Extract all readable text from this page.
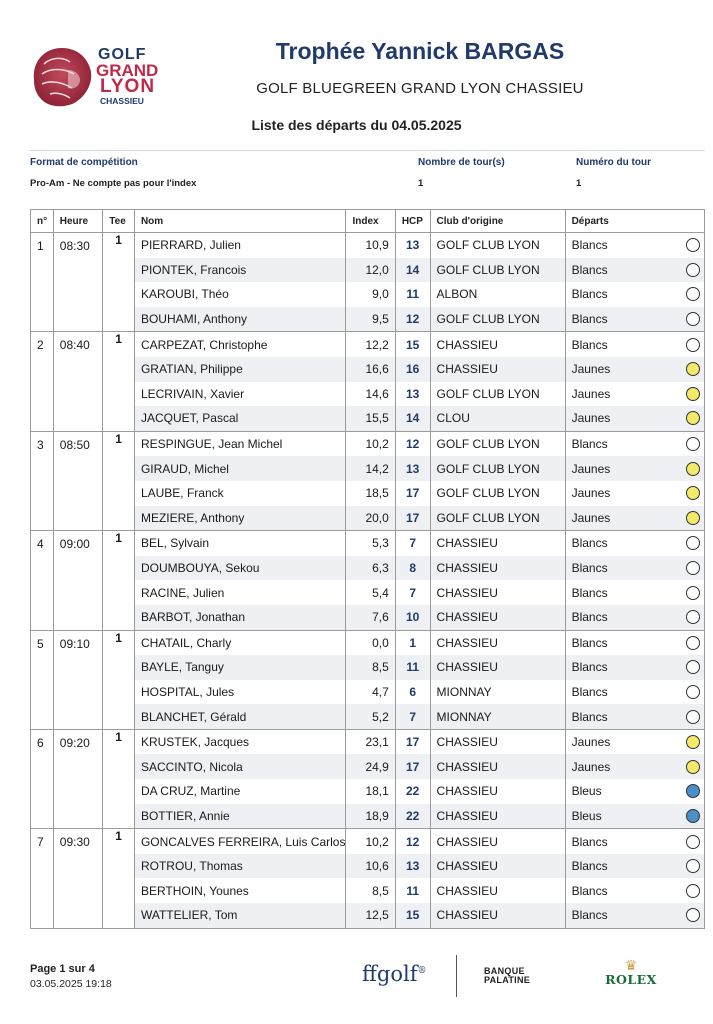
GOLF
GRAND
LYON
CHASSIEU
Trophée Yannick BARGAS
GOLF BLUEGREEN GRAND LYON CHASSIEU
Liste des départs du 04.05.2025
Format de compétition
Pro-Am - Ne compte pas pour l'index
Nombre de tour(s)
1
Numéro du tour
1
n°	Heure	Tee	Nom	Index	HCP	Club d'origine	Départs
1	08:30	1	PIERRARD, Julien	10,9	13	GOLF CLUB LYON	Blancs

			PIONTEK, Francois	12,0	14	GOLF CLUB LYON	Blancs

			KAROUBI, Théo	9,0	11	ALBON	Blancs

			BOUHAMI, Anthony	9,5	12	GOLF CLUB LYON	Blancs

2	08:40	1	CARPEZAT, Christophe	12,2	15	CHASSIEU	Blancs

			GRATIAN, Philippe	16,6	16	CHASSIEU	Jaunes

			LECRIVAIN, Xavier	14,6	13	GOLF CLUB LYON	Jaunes

			JACQUET, Pascal	15,5	14	CLOU	Jaunes

3	08:50	1	RESPINGUE, Jean Michel	10,2	12	GOLF CLUB LYON	Blancs

			GIRAUD, Michel	14,2	13	GOLF CLUB LYON	Jaunes

			LAUBE, Franck	18,5	17	GOLF CLUB LYON	Jaunes

			MEZIERE, Anthony	20,0	17	GOLF CLUB LYON	Jaunes

4	09:00	1	BEL, Sylvain	5,3	7	CHASSIEU	Blancs

			DOUMBOUYA, Sekou	6,3	8	CHASSIEU	Blancs

			RACINE, Julien	5,4	7	CHASSIEU	Blancs

			BARBOT, Jonathan	7,6	10	CHASSIEU	Blancs

5	09:10	1	CHATAIL, Charly	0,0	1	CHASSIEU	Blancs

			BAYLE, Tanguy	8,5	11	CHASSIEU	Blancs

			HOSPITAL, Jules	4,7	6	MIONNAY	Blancs

			BLANCHET, Gérald	5,2	7	MIONNAY	Blancs

6	09:20	1	KRUSTEK, Jacques	23,1	17	CHASSIEU	Jaunes

			SACCINTO, Nicola	24,9	17	CHASSIEU	Jaunes

			DA CRUZ, Martine	18,1	22	CHASSIEU	Bleus

			BOTTIER, Annie	18,9	22	CHASSIEU	Bleus

7	09:30	1	GONCALVES FERREIRA, Luis Carlos	10,2	12	CHASSIEU	Blancs

			ROTROU, Thomas	10,6	13	CHASSIEU	Blancs

			BERTHOIN, Younes	8,5	11	CHASSIEU	Blancs

			WATTELIER, Tom	12,5	15	CHASSIEU	Blancs
Page 1 sur 4
03.05.2025 19:18	ffgolf®	BANQUE
PALATINE
♛
ROLEX
